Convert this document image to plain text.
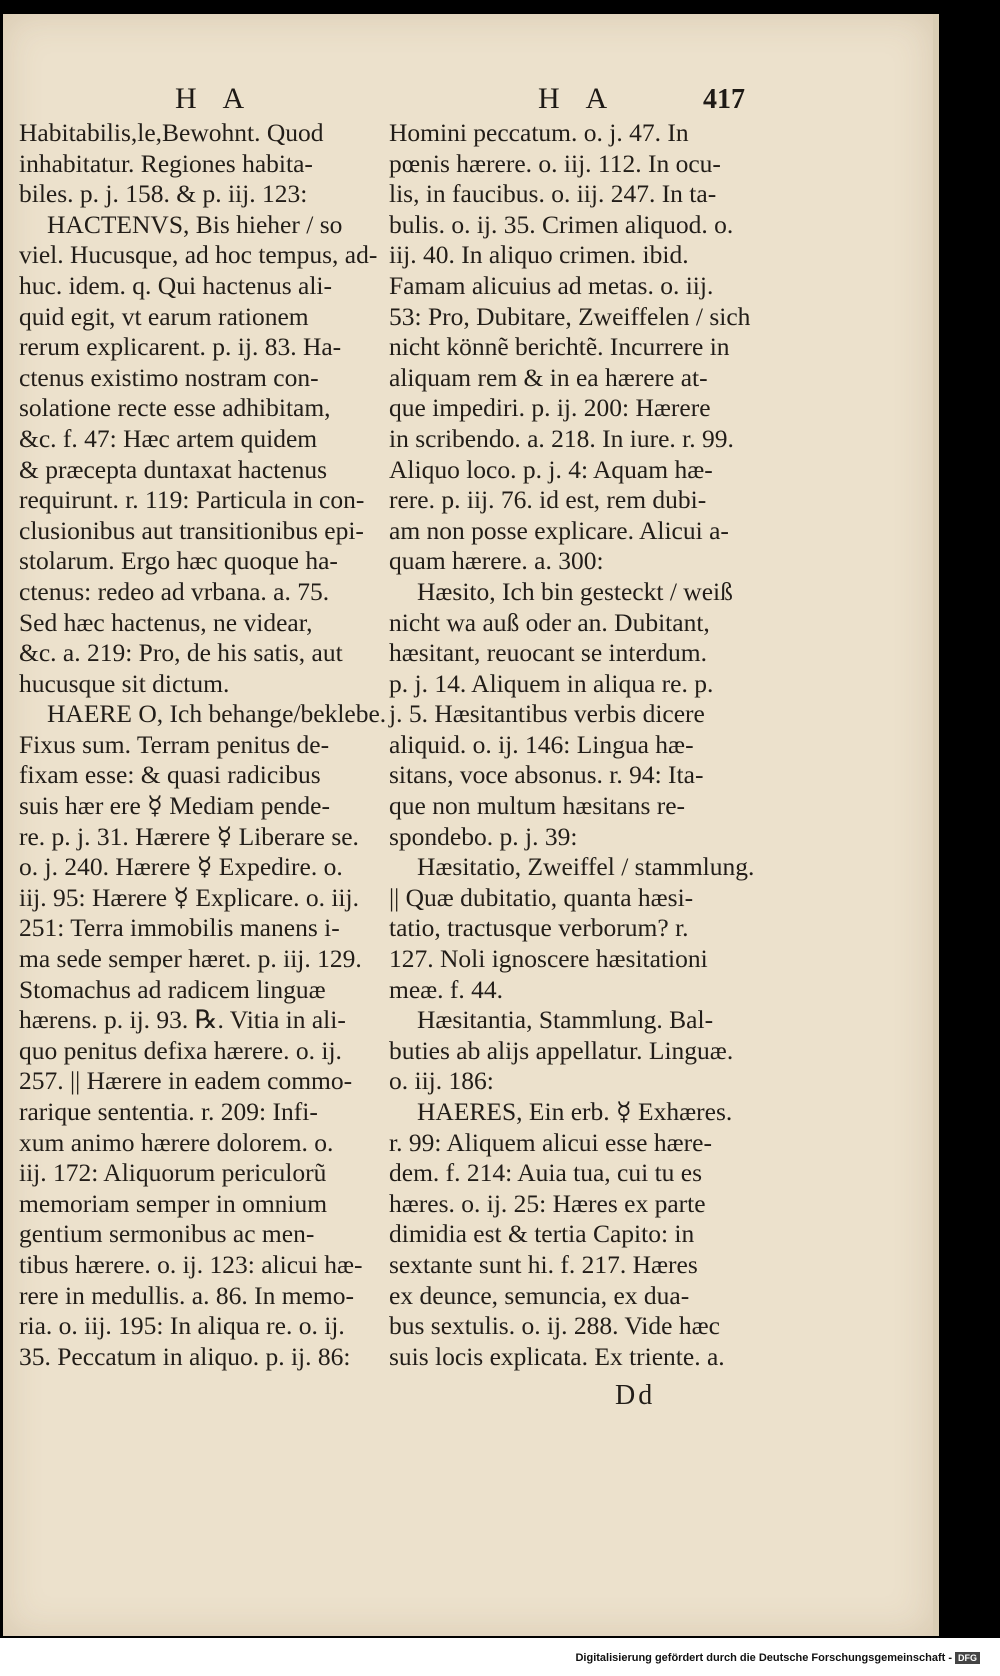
H A	H A	417
Habitabilis,le,Bewohnt. Quod
inhabitatur. Regiones habita-
biles. p. j. 158. & p. iij. 123:
HACTENVS, Bis hieher / so
viel. Hucusque, ad hoc tempus, ad-
huc. idem. q. Qui hactenus ali-
quid egit, vt earum rationem
rerum explicarent. p. ij. 83. Ha-
ctenus existimo nostram con-
solatione recte esse adhibitam,
&c. f. 47: Hæc artem quidem
& præcepta duntaxat hactenus
requirunt. r. 119: Particula in con-
clusionibus aut transitionibus epi-
stolarum. Ergo hæc quoque ha-
ctenus: redeo ad vrbana. a. 75.
Sed hæc hactenus, ne videar,
&c. a. 219: Pro, de his satis, aut
hucusque sit dictum.
HAERE O, Ich behange/beklebe.
Fixus sum. Terram penitus de-
fixam esse: & quasi radicibus
suis hær ere ☿ Mediam pende-
re. p. j. 31. Hærere ☿ Liberare se.
o. j. 240. Hærere ☿ Expedire. o.
iij. 95: Hærere ☿ Explicare. o. iij.
251: Terra immobilis manens i-
ma sede semper hæret. p. iij. 129.
Stomachus ad radicem linguæ
hærens. p. ij. 93. ℞. Vitia in ali-
quo penitus defixa hærere. o. ij.
257. || Hærere in eadem commo-
rarique sententia. r. 209: Infi-
xum animo hærere dolorem. o.
iij. 172: Aliquorum periculorũ
memoriam semper in omnium
gentium sermonibus ac men-
tibus hærere. o. ij. 123: alicui hæ-
rere in medullis. a. 86. In memo-
ria. o. iij. 195: In aliqua re. o. ij.
35. Peccatum in aliquo. p. ij. 86:
Homini peccatum. o. j. 47. In
pœnis hærere. o. iij. 112. In ocu-
lis, in faucibus. o. iij. 247. In ta-
bulis. o. ij. 35. Crimen aliquod. o.
iij. 40. In aliquo crimen. ibid.
Famam alicuius ad metas. o. iij.
53: Pro, Dubitare, Zweiffelen / sich
nicht könnẽ berichtẽ. Incurrere in
aliquam rem & in ea hærere at-
que impediri. p. ij. 200: Hærere
in scribendo. a. 218. In iure. r. 99.
Aliquo loco. p. j. 4: Aquam hæ-
rere. p. iij. 76. id est, rem dubi-
am non posse explicare. Alicui a-
quam hærere. a. 300:
Hæsito, Ich bin gesteckt / weiß
nicht wa auß oder an. Dubitant,
hæsitant, reuocant se interdum.
p. j. 14. Aliquem in aliqua re. p.
j. 5. Hæsitantibus verbis dicere
aliquid. o. ij. 146: Lingua hæ-
sitans, voce absonus. r. 94: Ita-
que non multum hæsitans re-
spondebo. p. j. 39:
Hæsitatio, Zweiffel / stammlung.
|| Quæ dubitatio, quanta hæsi-
tatio, tractusque verborum? r.
127. Noli ignoscere hæsitationi
meæ. f. 44.
Hæsitantia, Stammlung. Bal-
buties ab alijs appellatur. Linguæ.
o. iij. 186:
HAERES, Ein erb. ☿ Exhæres.
r. 99: Aliquem alicui esse hære-
dem. f. 214: Auia tua, cui tu es
hæres. o. ij. 25: Hæres ex parte
dimidia est & tertia Capito: in
sextante sunt hi. f. 217. Hæres
ex deunce, semuncia, ex dua-
bus sextulis. o. ij. 288. Vide hæc
suis locis explicata. Ex triente. a.
Dd
Digitalisierung gefördert durch die Deutsche Forschungsgemeinschaft - DFG
